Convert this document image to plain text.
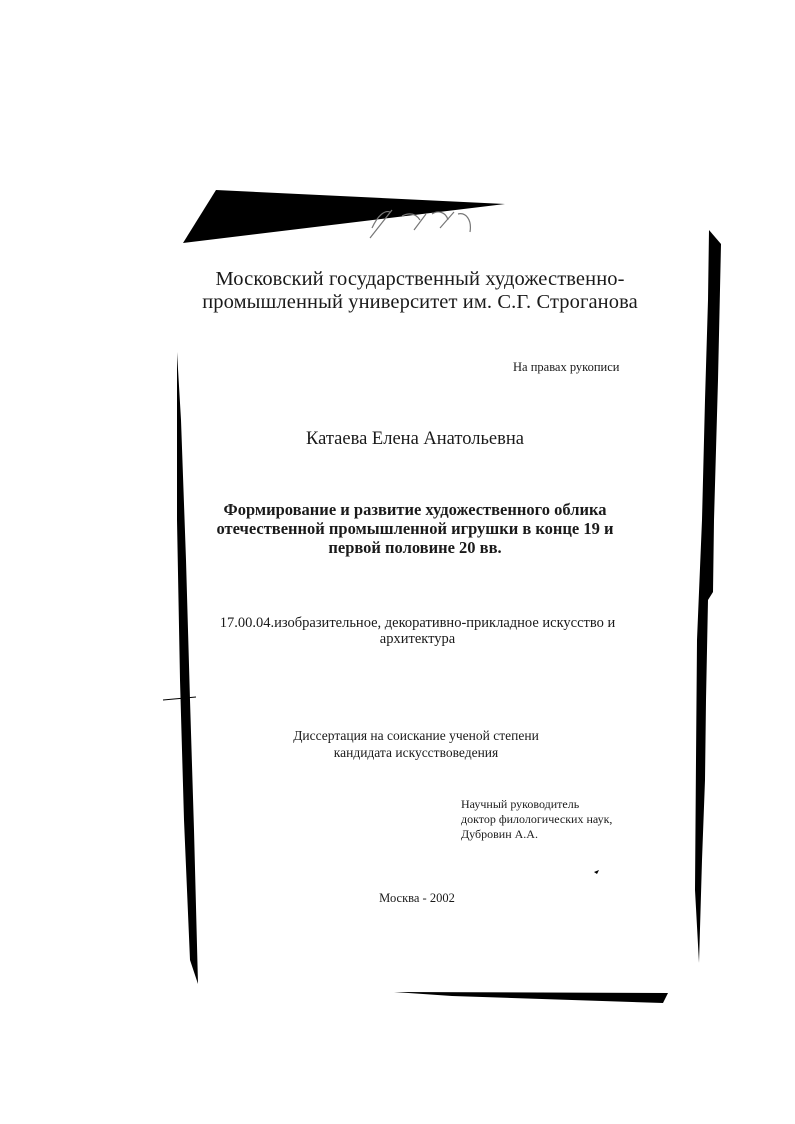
Московский государственный художественно-
промышленный университет им. С.Г. Строганова
На правах рукописи
Катаева Елена Анатольевна
Формирование и развитие художественного облика
отечественной промышленной игрушки в конце 19 и
первой половине 20 вв.
17.00.04.изобразительное, декоративно-прикладное искусство и
архитектура
Диссертация на соискание ученой степени
кандидата искусствоведения
Научный руководитель
доктор филологических наук,
Дубровин А.А.
Москва - 2002
